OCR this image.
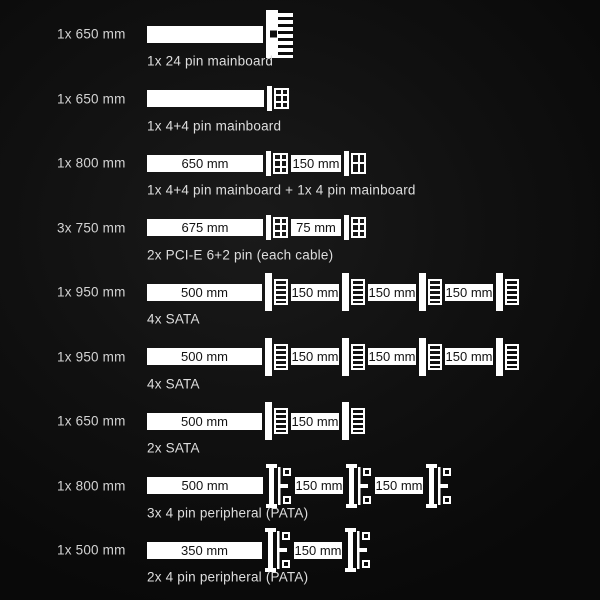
1x 650 mm
1x 24 pin mainboard
1x 650 mm
1x 4+4 pin mainboard
1x 800 mm	650 mm	150 mm
1x 4+4 pin mainboard + 1x 4 pin mainboard
3x 750 mm	675 mm	75 mm
2x PCI-E 6+2 pin (each cable)
1x 950 mm	500 mm	150 mm 150 mm 150 mm
4x SATA
1x 950 mm	500 mm	150 mm 150 mm 150 mm
4x SATA
1x 650 mm	500 mm	150 mm
2x SATA
1x 800 mm	500 mm	150 mm	150 mm
3x 4 pin peripheral (PATA)
1x 500 mm	350 mm	150 mm
2x 4 pin peripheral (PATA)
